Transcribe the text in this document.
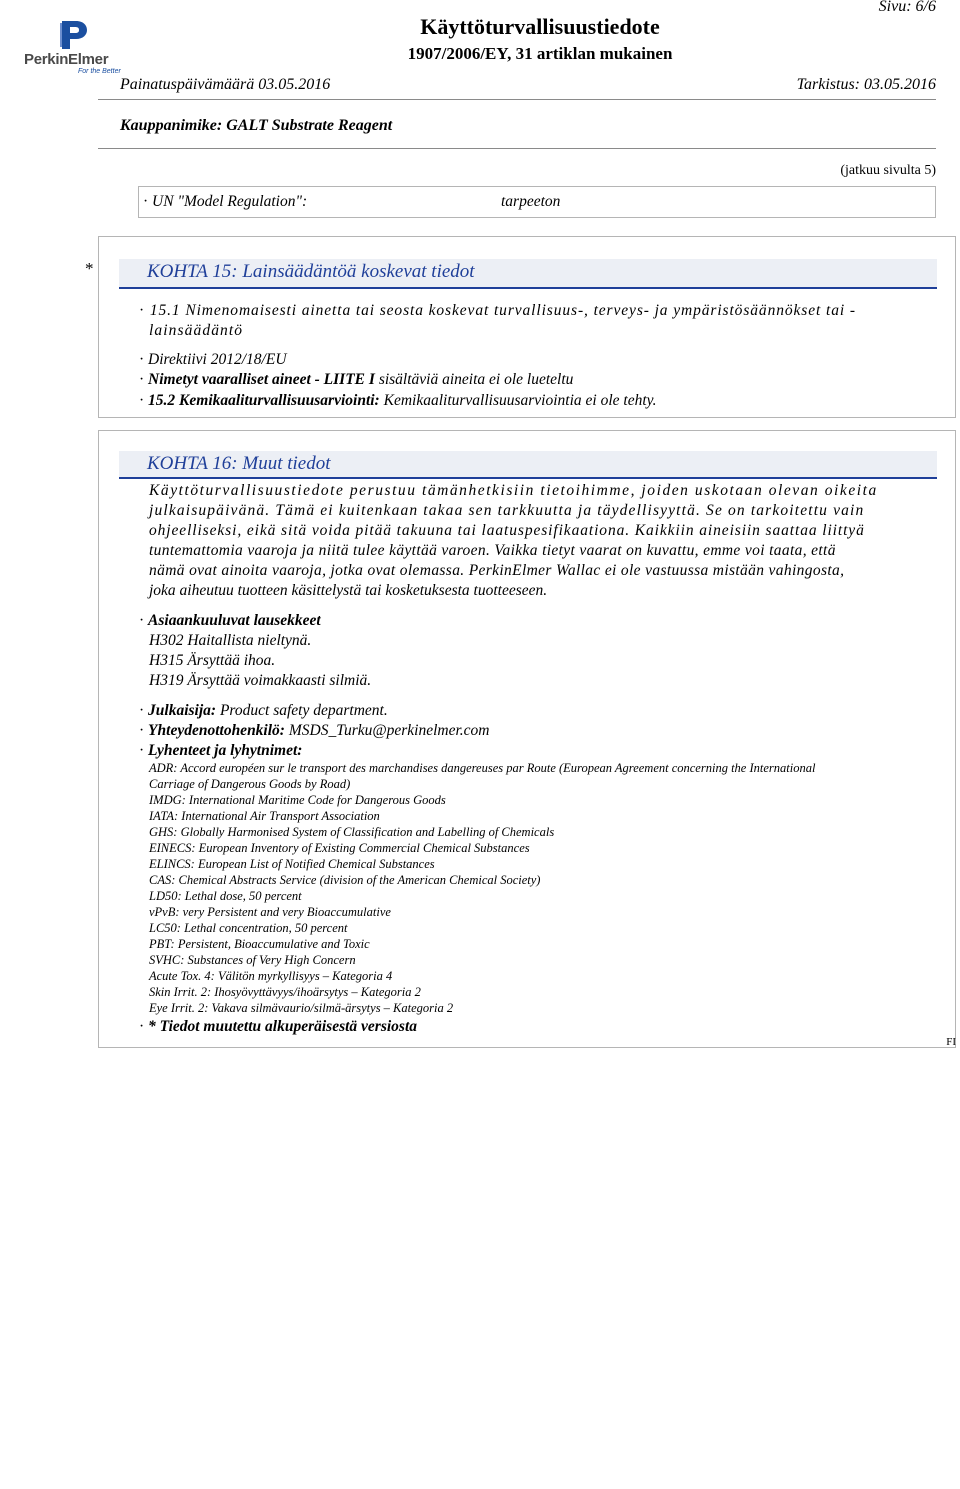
PerkinElmer
For the Better
Käyttöturvallisuustiedote
1907/2006/EY, 31 artiklan mukainen
Sivu: 6/6
Painatuspäivämäärä 03.05.2016	Tarkistus: 03.05.2016
Kauppanimike: GALT Substrate Reagent
(jatkuu sivulta 5)
· UN "Model Regulation":	tarpeeton
*	KOHTA 15: Lainsäädäntöä koskevat tiedot
· 15.1 Nimenomaisesti ainetta tai seosta koskevat turvallisuus-, terveys- ja ympäristösäännökset tai -
lainsäädäntö
· Direktiivi 2012/18/EU
· Nimetyt vaaralliset aineet - LIITE I sisältäviä aineita ei ole lueteltu
· 15.2 Kemikaaliturvallisuusarviointi: Kemikaaliturvallisuusarviointia ei ole tehty.
KOHTA 16: Muut tiedot
Käyttöturvallisuustiedote perustuu tämänhetkisiin tietoihimme, joiden uskotaan olevan oikeita
julkaisupäivänä. Tämä ei kuitenkaan takaa sen tarkkuutta ja täydellisyyttä. Se on tarkoitettu vain
ohjeelliseksi, eikä sitä voida pitää takuuna tai laatuspesifikaationa. Kaikkiin aineisiin saattaa liittyä
tuntemattomia vaaroja ja niitä tulee käyttää varoen. Vaikka tietyt vaarat on kuvattu, emme voi taata, että
nämä ovat ainoita vaaroja, jotka ovat olemassa. PerkinElmer Wallac ei ole vastuussa mistään vahingosta,
joka aiheutuu tuotteen käsittelystä tai kosketuksesta tuotteeseen.
· Asiaankuuluvat lausekkeet
H302 Haitallista nieltynä.
H315 Ärsyttää ihoa.
H319 Ärsyttää voimakkaasti silmiä.
· Julkaisija: Product safety department.
· Yhteydenottohenkilö: MSDS_Turku@perkinelmer.com
· Lyhenteet ja lyhytnimet:
ADR: Accord européen sur le transport des marchandises dangereuses par Route (European Agreement concerning the International
Carriage of Dangerous Goods by Road)
IMDG: International Maritime Code for Dangerous Goods
IATA: International Air Transport Association
GHS: Globally Harmonised System of Classification and Labelling of Chemicals
EINECS: European Inventory of Existing Commercial Chemical Substances
ELINCS: European List of Notified Chemical Substances
CAS: Chemical Abstracts Service (division of the American Chemical Society)
LD50: Lethal dose, 50 percent
vPvB: very Persistent and very Bioaccumulative
LC50: Lethal concentration, 50 percent
PBT: Persistent, Bioaccumulative and Toxic
SVHC: Substances of Very High Concern
Acute Tox. 4: Välitön myrkyllisyys – Kategoria 4
Skin Irrit. 2: Ihosyövyttävyys/ihoärsytys – Kategoria 2
Eye Irrit. 2: Vakava silmävaurio/silmä-ärsytys – Kategoria 2
· * Tiedot muutettu alkuperäisestä versiosta
FI
